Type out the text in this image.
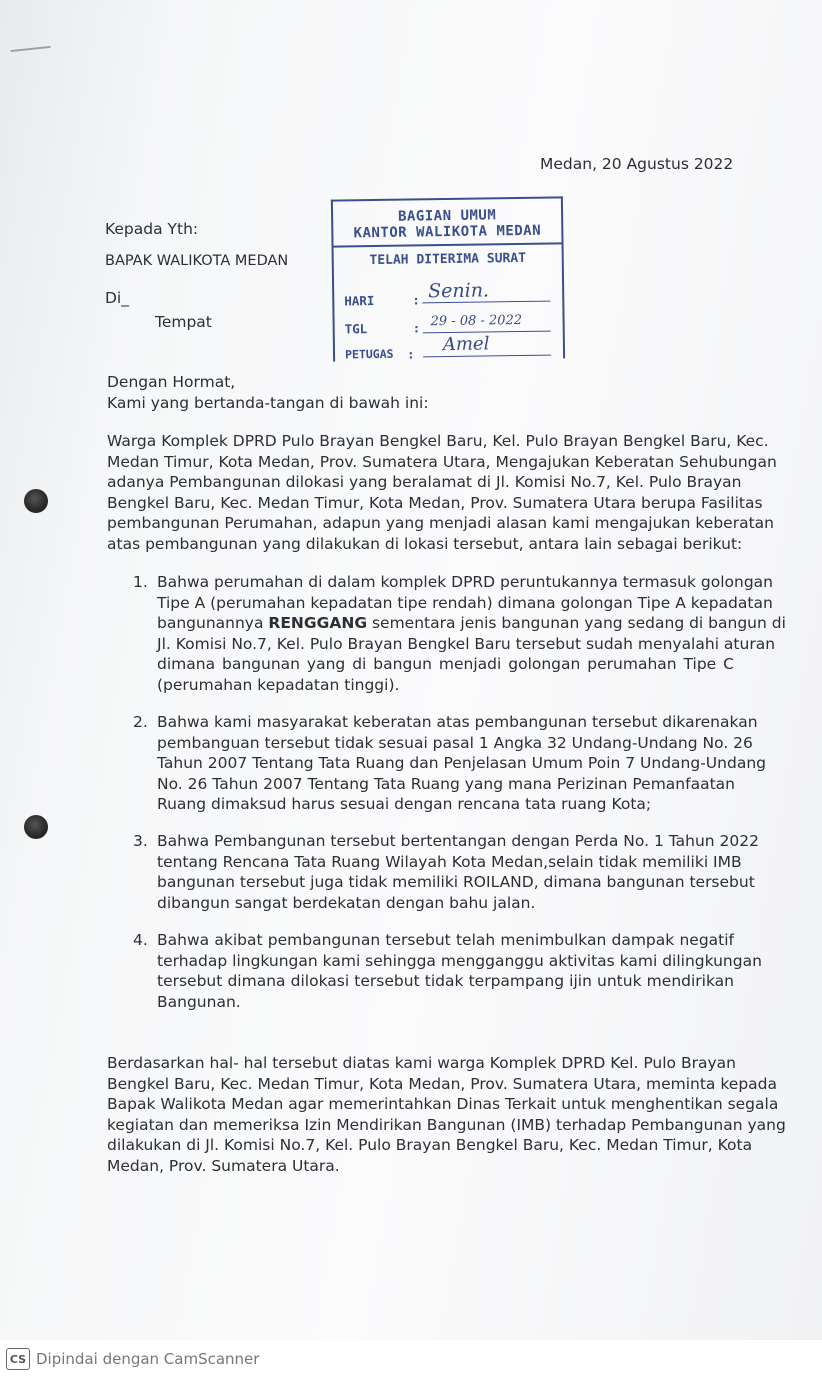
Medan, 20 Agustus 2022
Kepada Yth:
BAPAK WALIKOTA MEDAN
Di_
Tempat
BAGIAN UMUM
KANTOR WALIKOTA MEDAN
TELAH DITERIMA SURAT
HARI	: Senin.
TGL	: 29 - 08 - 2022
PETUGAS : Amel
Dengan Hormat,
Kami yang bertanda-tangan di bawah ini:
Warga Komplek DPRD Pulo Brayan Bengkel Baru, Kel. Pulo Brayan Bengkel Baru, Kec.
Medan Timur, Kota Medan, Prov. Sumatera Utara, Mengajukan Keberatan Sehubungan
adanya Pembangunan dilokasi yang beralamat di Jl. Komisi No.7, Kel. Pulo Brayan
Bengkel Baru, Kec. Medan Timur, Kota Medan, Prov. Sumatera Utara berupa Fasilitas
pembangunan Perumahan, adapun yang menjadi alasan kami mengajukan keberatan
atas pembangunan yang dilakukan di lokasi tersebut, antara lain sebagai berikut:
1. Bahwa perumahan di dalam komplek DPRD peruntukannya termasuk golongan
Tipe A (perumahan kepadatan tipe rendah) dimana golongan Tipe A kepadatan
bangunannya RENGGANG sementara jenis bangunan yang sedang di bangun di
Jl. Komisi No.7, Kel. Pulo Brayan Bengkel Baru tersebut sudah menyalahi aturan
dimana bangunan yang di bangun menjadi golongan perumahan Tipe C
(perumahan kepadatan tinggi).
2. Bahwa kami masyarakat keberatan atas pembangunan tersebut dikarenakan
pembanguan tersebut tidak sesuai pasal 1 Angka 32 Undang-Undang No. 26
Tahun 2007 Tentang Tata Ruang dan Penjelasan Umum Poin 7 Undang-Undang
No. 26 Tahun 2007 Tentang Tata Ruang yang mana Perizinan Pemanfaatan
Ruang dimaksud harus sesuai dengan rencana tata ruang Kota;
3. Bahwa Pembangunan tersebut bertentangan dengan Perda No. 1 Tahun 2022
tentang Rencana Tata Ruang Wilayah Kota Medan,selain tidak memiliki IMB
bangunan tersebut juga tidak memiliki ROILAND, dimana bangunan tersebut
dibangun sangat berdekatan dengan bahu jalan.
4. Bahwa akibat pembangunan tersebut telah menimbulkan dampak negatif
terhadap lingkungan kami sehingga mengganggu aktivitas kami dilingkungan
tersebut dimana dilokasi tersebut tidak terpampang ijin untuk mendirikan
Bangunan.
Berdasarkan hal- hal tersebut diatas kami warga Komplek DPRD Kel. Pulo Brayan
Bengkel Baru, Kec. Medan Timur, Kota Medan, Prov. Sumatera Utara, meminta kepada
Bapak Walikota Medan agar memerintahkan Dinas Terkait untuk menghentikan segala
kegiatan dan memeriksa Izin Mendirikan Bangunan (IMB) terhadap Pembangunan yang
dilakukan di Jl. Komisi No.7, Kel. Pulo Brayan Bengkel Baru, Kec. Medan Timur, Kota
Medan, Prov. Sumatera Utara.
CS Dipindai dengan CamScanner
